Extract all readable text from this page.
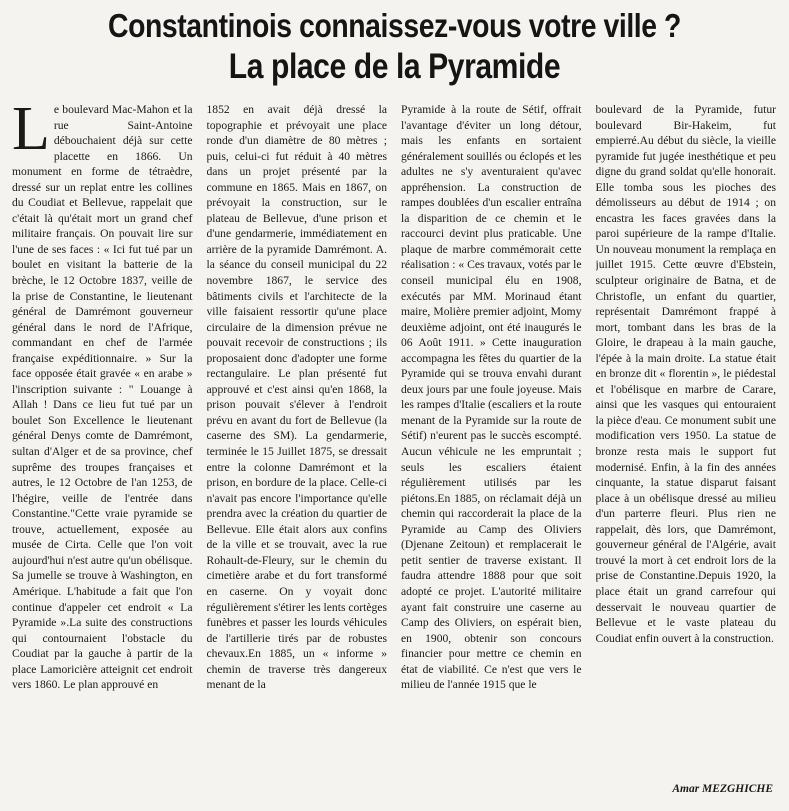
Constantinois connaissez-vous votre ville ?
La place de la Pyramide

Le boulevard Mac-Mahon et la rue Saint-Antoine débouchaient déjà sur cette placette en 1866. Un monument en forme de tétraèdre, dressé sur un replat entre les collines du Coudiat et Bellevue, rappelait que c'était là qu'était mort un grand chef militaire français. On pouvait lire sur l'une de ses faces : « Ici fut tué par un boulet en visitant la batterie de la brèche, le 12 Octobre 1837, veille de la prise de Constantine, le lieutenant général de Damrémont gouverneur général dans le nord de l'Afrique, commandant en chef de l'armée française expéditionnaire. » Sur la face opposée était gravée « en arabe » l'inscription suivante : " Louange à Allah ! Dans ce lieu fut tué par un boulet Son Excellence le lieutenant général Denys comte de Damrémont, sultan d'Alger et de sa province, chef suprême des troupes françaises et autres, le 12 Octobre de l'an 1253, de l'hégire, veille de l'entrée dans Constantine."Cette vraie pyramide se trouve, actuellement, exposée au musée de Cirta. Celle que l'on voit aujourd'hui n'est autre qu'un obélisque. Sa jumelle se trouve à Washington, en Amérique. L'habitude a fait que l'on continue d'appeler cet endroit « La Pyramide ».La suite des constructions qui contournaient l'obstacle du Coudiat par la gauche à partir de la place Lamoricière atteignit cet endroit vers 1860. Le plan approuvé en

1852 en avait déjà dressé la topographie et prévoyait une place ronde d'un diamètre de 80 mètres ; puis, celui-ci fut réduit à 40 mètres dans un projet présenté par la commune en 1865. Mais en 1867, on prévoyait la construction, sur le plateau de Bellevue, d'une prison et d'une gendarmerie, immédiatement en arrière de la pyramide Damrémont. A. la séance du conseil municipal du 22 novembre 1867, le service des bâtiments civils et l'architecte de la ville faisaient ressortir qu'une place circulaire de la dimension prévue ne pouvait recevoir de constructions ; ils proposaient donc d'adopter une forme rectangulaire. Le plan présenté fut approuvé et c'est ainsi qu'en 1868, la prison pouvait s'élever à l'endroit prévu en avant du fort de Bellevue (la caserne des SM). La gendarmerie, terminée le 15 Juillet 1875, se dressait entre la colonne Damrémont et la prison, en bordure de la place. Celle-ci n'avait pas encore l'importance qu'elle prendra avec la création du quartier de Bellevue. Elle était alors aux confins de la ville et se trouvait, avec la rue Rohault-de-Fleury, sur le chemin du cimetière arabe et du fort transformé en caserne. On y voyait donc régulièrement s'étirer les lents cortèges funèbres et passer les lourds véhicules de l'artillerie tirés par de robustes chevaux.En 1885, un « informe » chemin de traverse très dangereux menant de la

Pyramide à la route de Sétif, offrait l'avantage d'éviter un long détour, mais les enfants en sortaient généralement souillés ou éclopés et les adultes ne s'y aventuraient qu'avec appréhension. La construction de rampes doublées d'un escalier entraîna la disparition de ce chemin et le raccourci devint plus praticable. Une plaque de marbre commémorait cette réalisation : « Ces travaux, votés par le conseil municipal élu en 1908, exécutés par MM. Morinaud étant maire, Molière premier adjoint, Momy deuxième adjoint, ont été inaugurés le 06 Août 1911. » Cette inauguration accompagna les fêtes du quartier de la Pyramide qui se trouva envahi durant deux jours par une foule joyeuse. Mais les rampes d'Italie (escaliers et la route menant de la Pyramide sur la route de Sétif) n'eurent pas le succès escompté. Aucun véhicule ne les empruntait ; seuls les escaliers étaient régulièrement utilisés par les piétons.En 1885, on réclamait déjà un chemin qui raccorderait la place de la Pyramide au Camp des Oliviers (Djenane Zeitoun) et remplacerait le petit sentier de traverse existant. Il faudra attendre 1888 pour que soit adopté ce projet. L'autorité militaire ayant fait construire une caserne au Camp des Oliviers, on espérait bien, en 1900, obtenir son concours financier pour mettre ce chemin en état de viabilité. Ce n'est que vers le milieu de l'année 1915 que le

boulevard de la Pyramide, futur boulevard Bir-Hakeim, fut empierré.Au début du siècle, la vieille pyramide fut jugée inesthétique et peu digne du grand soldat qu'elle honorait. Elle tomba sous les pioches des démolisseurs au début de 1914 ; on encastra les faces gravées dans la paroi supérieure de la rampe d'Italie. Un nouveau monument la remplaça en juillet 1915. Cette œuvre d'Ebstein, sculpteur originaire de Batna, et de Christofle, un enfant du quartier, représentait Damrémont frappé à mort, tombant dans les bras de la Gloire, le drapeau à la main gauche, l'épée à la main droite. La statue était en bronze dit « florentin », le piédestal et l'obélisque en marbre de Carare, ainsi que les vasques qui entouraient la pièce d'eau. Ce monument subit une modification vers 1950. La statue de bronze resta mais le support fut modernisé. Enfin, à la fin des années cinquante, la statue disparut faisant place à un obélisque dressé au milieu d'un parterre fleuri. Plus rien ne rappelait, dès lors, que Damrémont, gouverneur général de l'Algérie, avait trouvé la mort à cet endroit lors de la prise de Constantine.Depuis 1920, la place était un grand carrefour qui desservait le nouveau quartier de Bellevue et le vaste plateau du Coudiat enfin ouvert à la construction.

Amar MEZGHICHE
